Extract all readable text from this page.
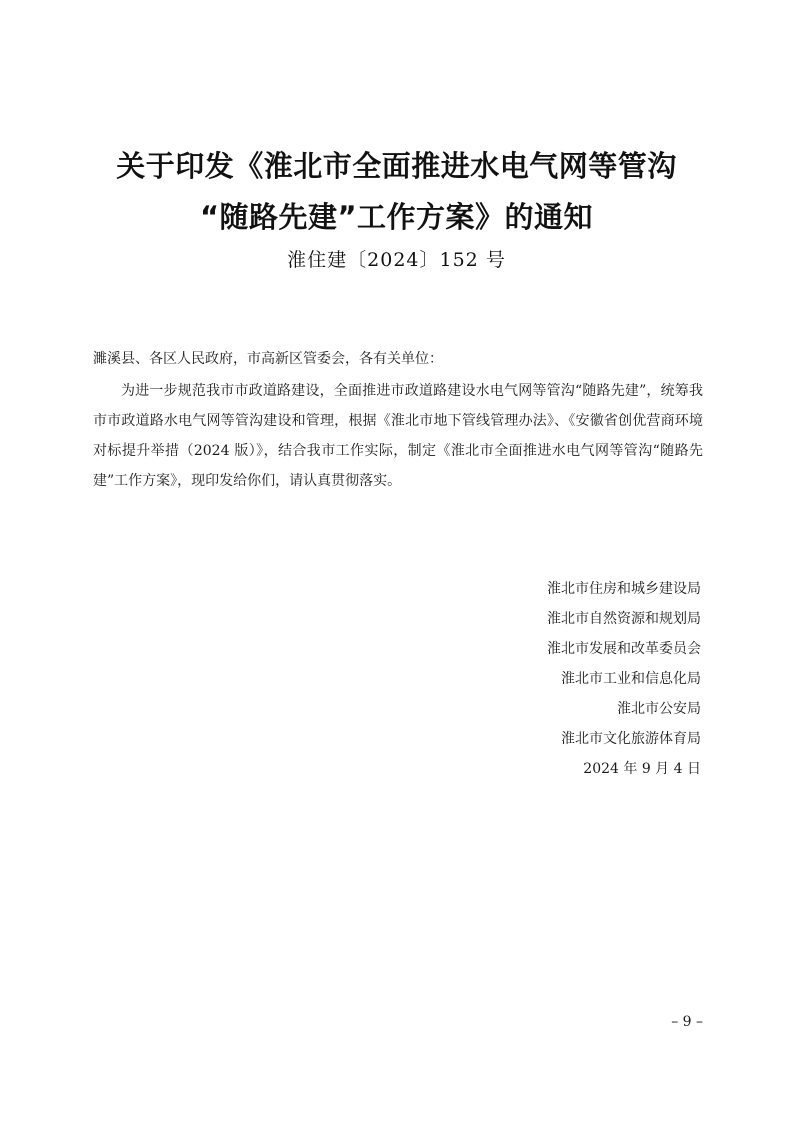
关于印发《淮北市全面推进水电气网等管沟
“随路先建”工作方案》的通知
淮住建〔2024〕152 号
濉溪县、各区人民政府，市高新区管委会，各有关单位：

为进一步规范我市市政道路建设，全面推进市政道路建设水电气网等管沟“随路先建”，统筹我市市政道路水电气网等管沟建设和管理，根据《淮北市地下管线管理办法》、《安徽省创优营商环境对标提升举措（2024 版）》，结合我市工作实际，制定《淮北市全面推进水电气网等管沟“随路先建”工作方案》，现印发给你们，请认真贯彻落实。

淮北市住房和城乡建设局
淮北市自然资源和规划局
淮北市发展和改革委员会
淮北市工业和信息化局
淮北市公安局
淮北市文化旅游体育局
2024 年 9 月 4 日
– 9 –
